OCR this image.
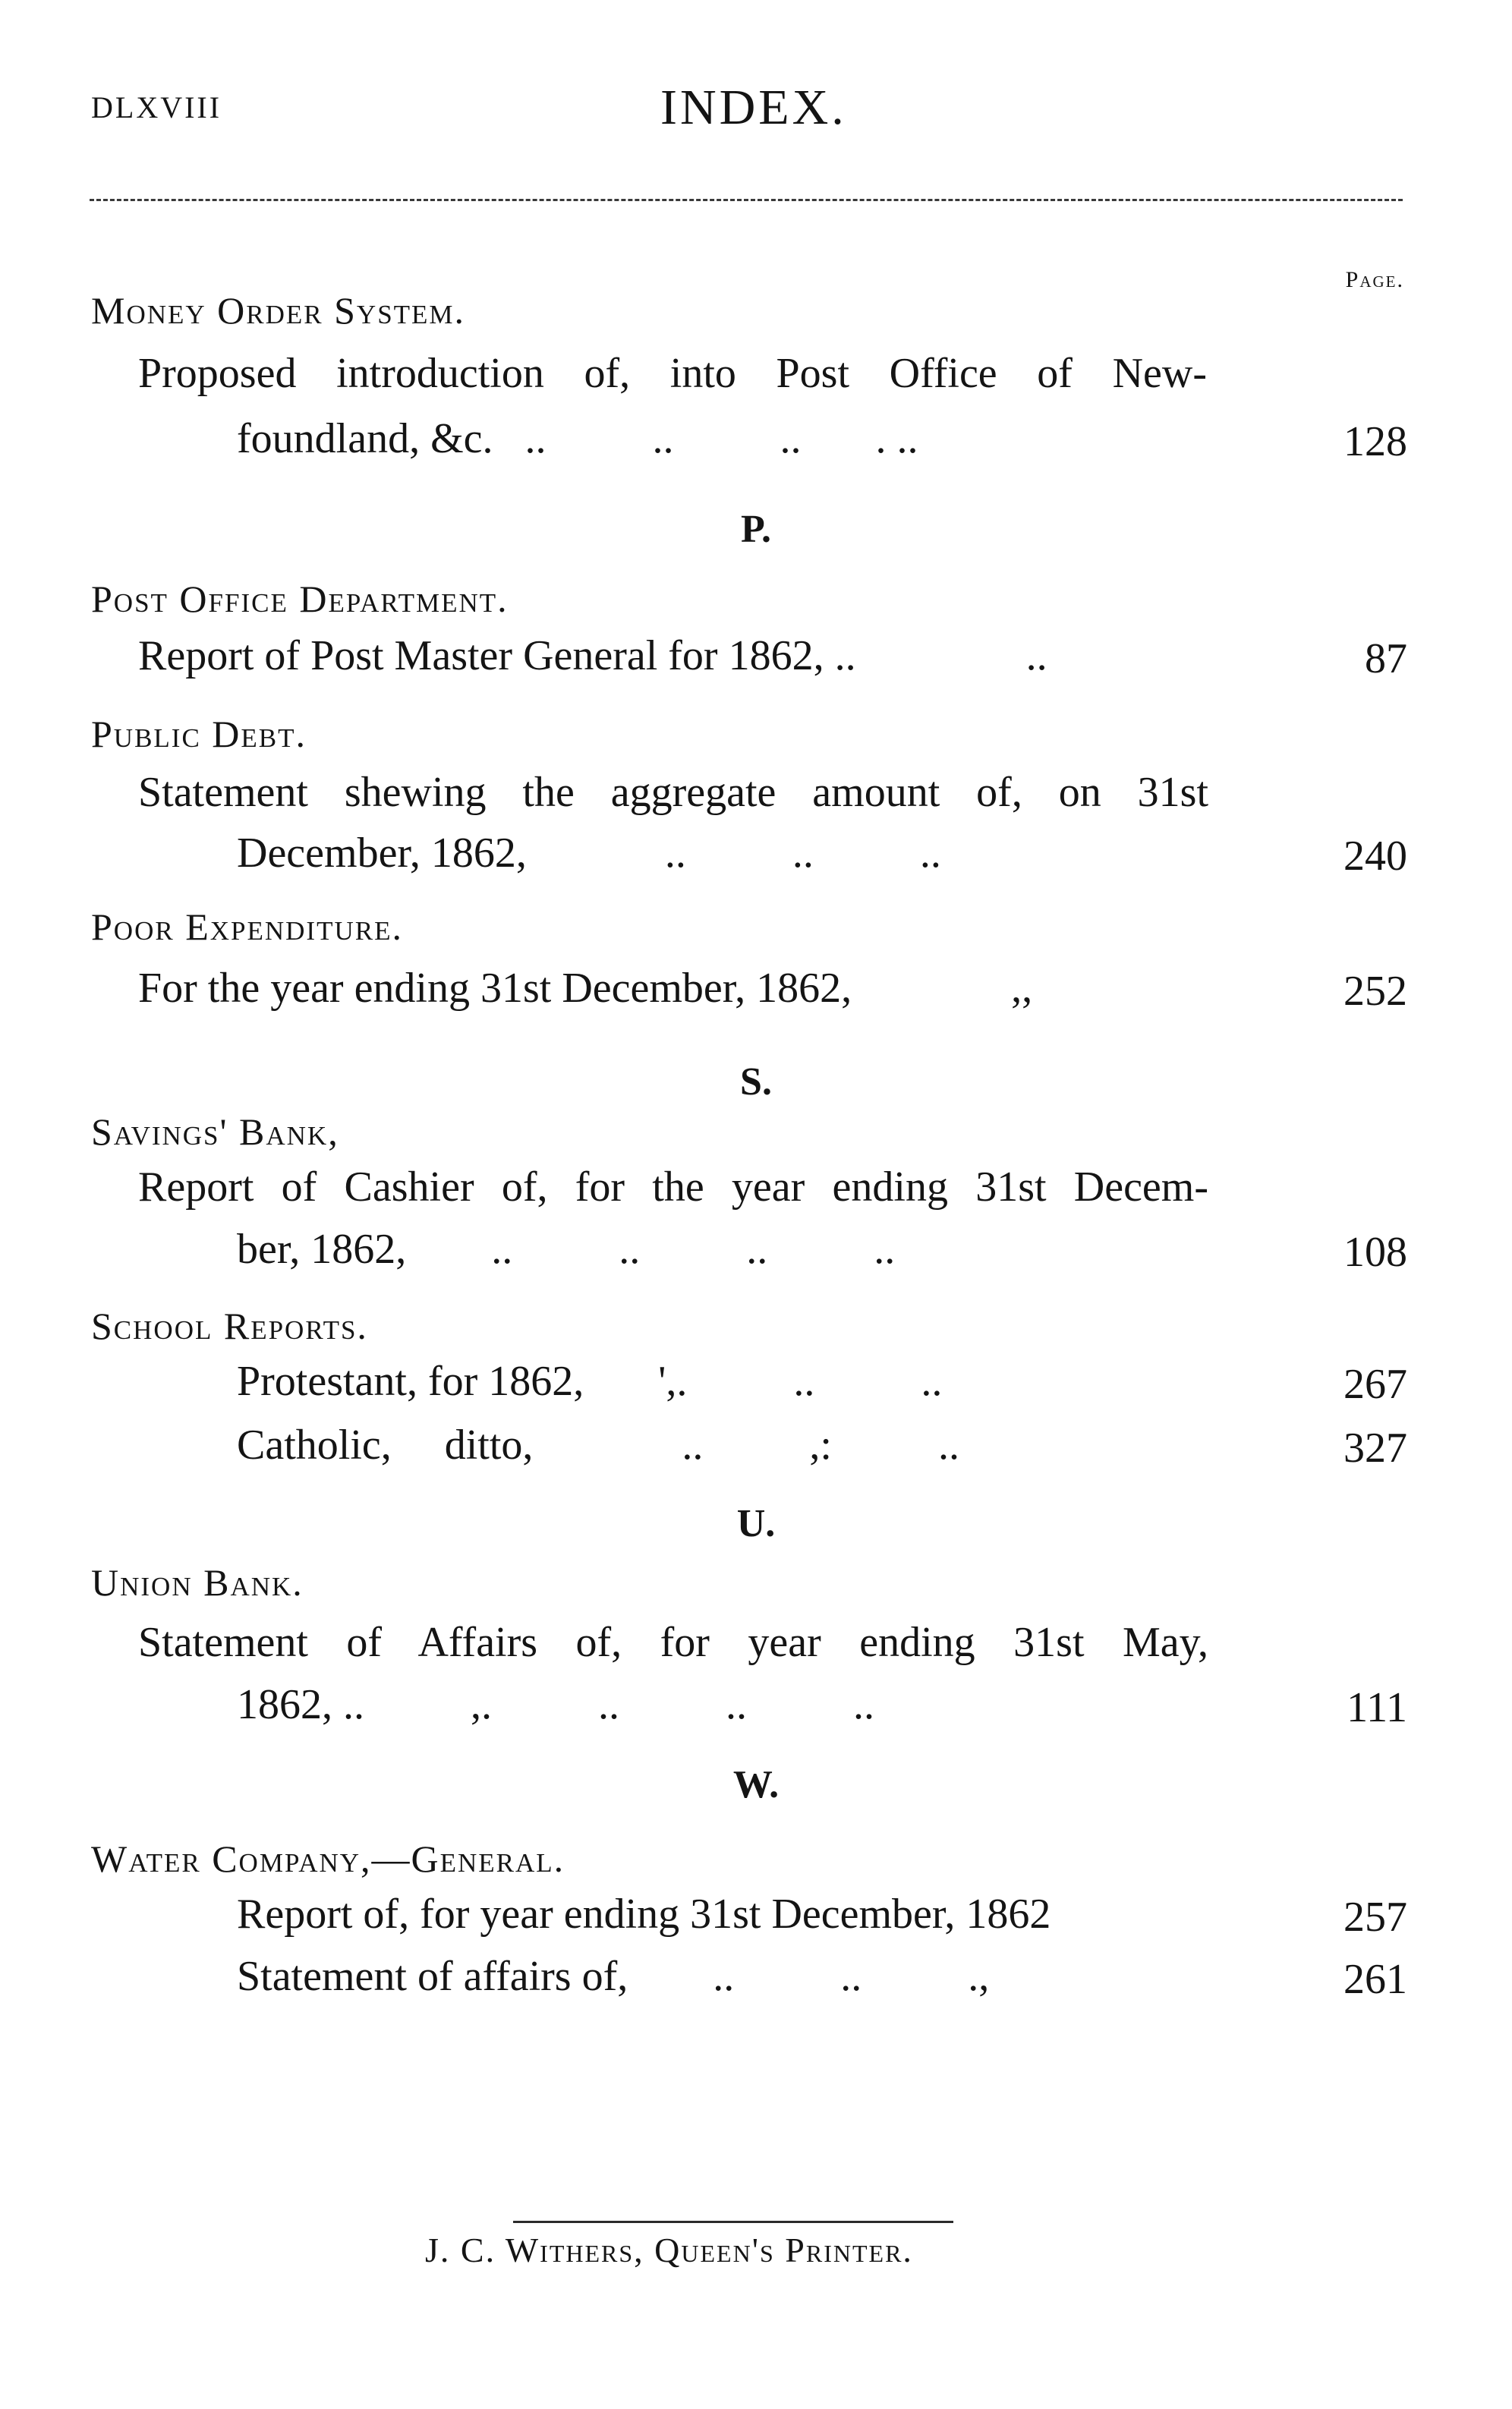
DLXVIII	INDEX.
Page.
Money Order System.
Proposed introduction of, into Post Office of New-
foundland, &c.   ..          ..          ..       . ..	128
P.
Post Office Department.
Report of Post Master General for 1862, ..                ..	87
Public Debt.
Statement shewing the aggregate amount of, on 31st
December, 1862,             ..          ..          ..	240
Poor Expenditure.
For the year ending 31st December, 1862,               ,,	252
S.
Savings' Bank,
Report of Cashier of, for the year ending 31st Decem-
ber, 1862,        ..          ..          ..          ..	108
School Reports.
Protestant, for 1862,       ',.          ..          ..	267
Catholic,     ditto,              ..          ,:          ..	327
U.
Union Bank.
Statement of Affairs of, for year ending 31st May,
1862, ..          ,.          ..          ..          ..	111
W.
Water Company,—General.
Report of, for year ending 31st December, 1862	257
Statement of affairs of,        ..          ..          .,	261
J. C. Withers, Queen's Printer.
